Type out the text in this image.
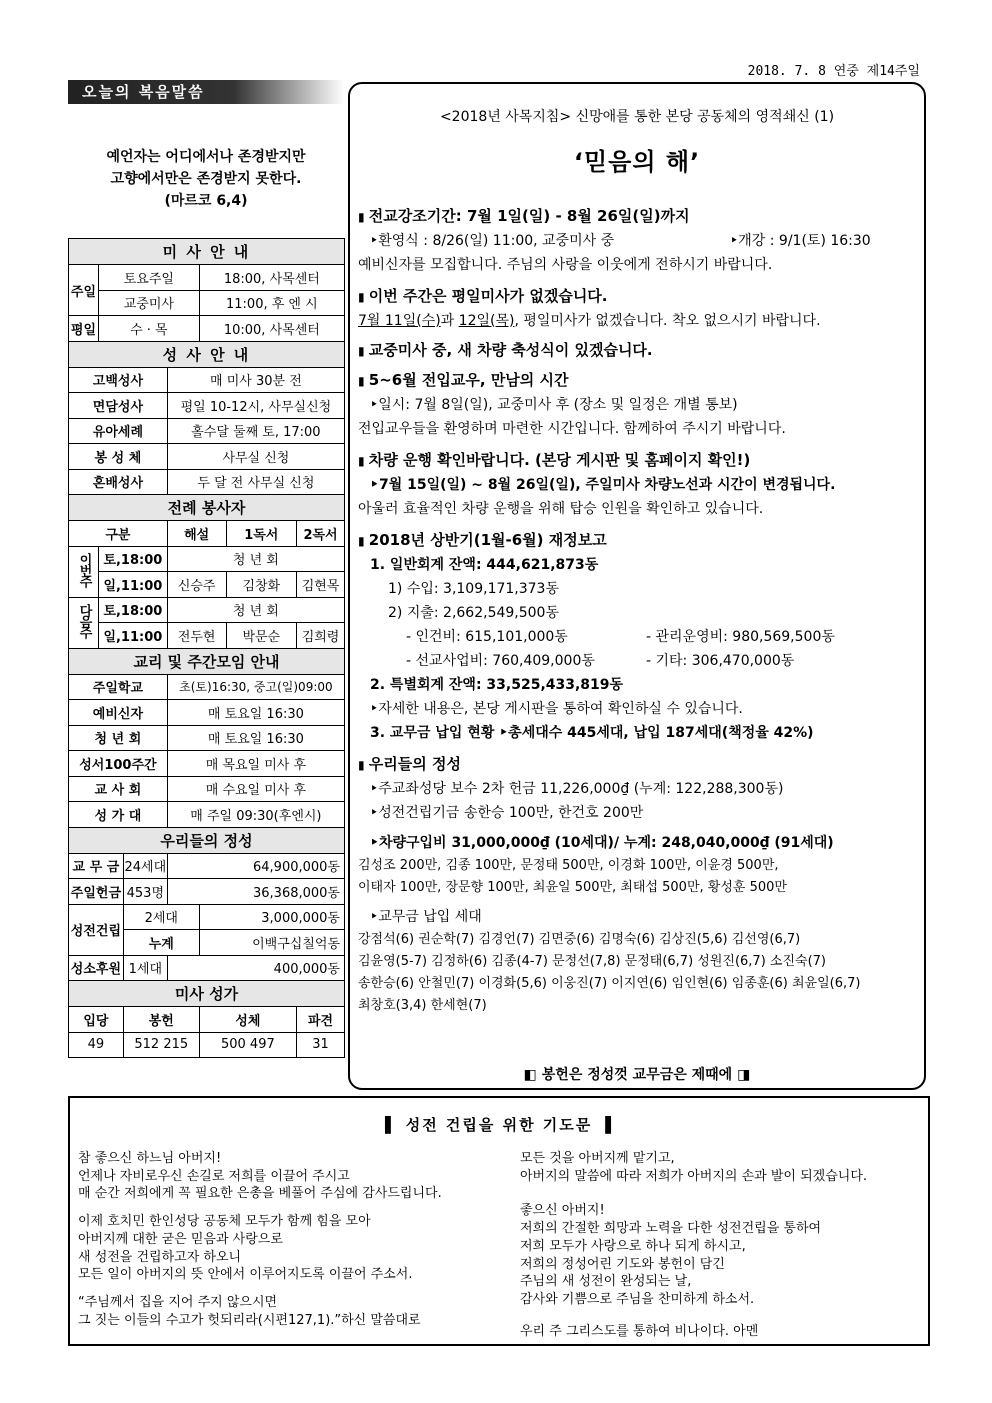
2018. 7. 8 연중 제14주일
오늘의 복음말씀
예언자는 어디에서나 존경받지만
고향에서만은 존경받지 못한다.
(마르코 6,4)
미 사 안 내						
주일	토요주일			18:00, 사목센터		
	교중미사			11:00, 후 엔 시		
평일	수 · 목			10:00, 사목센터		
성 사 안 내						
고백성사			매 미사 30분 전			
면담성사			평일 10-12시, 사무실신청			
유아세례			홀수달 둘째 토, 17:00			
봉 성 체			사무실 신청			
혼배성사			두 달 전 사무실 신청			
전례 봉사자						
구분			해설		1독서	2독서
이번주	토,18:00		청 년 회			
	일,11:00		신승주		김창화	김현목
다음주	토,18:00		청 년 회			
	일,11:00		전두현		박문순	김희령
교리 및 주간모임 안내						
주일학교			초(토)16:30, 중고(일)09:00			
예비신자			매 토요일 16:30			
청 년 회			매 토요일 16:30			
성서100주간			매 목요일 미사 후			
교 사 회			매 수요일 미사 후			
성 가 대			매 주일 09:30(후엔시)			
우리들의 정성						
교 무 금		24세대	64,900,000동			
주일헌금		453명	36,368,000동			
성전건립		2세대		3,000,000동		
		누계		이백구십칠억동		
성소후원		1세대	400,000동			
미사 성가						
입당		봉헌		성체		파견
49		512 215		500 497		31
<2018년 사목지침> 신망애를 통한 본당 공동체의 영적쇄신 (1)
‘믿음의 해’
▮ 전교강조기간: 7월 1일(일) - 8월 26일(일)까지
‣환영식 : 8/26(일) 11:00, 교중미사 중	‣개강 : 9/1(토) 16:30
예비신자를 모집합니다. 주님의 사랑을 이웃에게 전하시기 바랍니다.
▮ 이번 주간은 평일미사가 없겠습니다.
7월 11일(수)과 12일(목), 평일미사가 없겠습니다. 착오 없으시기 바랍니다.
▮ 교중미사 중, 새 차량 축성식이 있겠습니다.
▮ 5~6월 전입교우, 만남의 시간
‣일시: 7월 8일(일), 교중미사 후 (장소 및 일정은 개별 통보)
전입교우들을 환영하며 마련한 시간입니다. 함께하여 주시기 바랍니다.
▮ 차량 운행 확인바랍니다. (본당 게시판 및 홈페이지 확인!)
‣7월 15일(일) ~ 8월 26일(일), 주일미사 차량노선과 시간이 변경됩니다.
아울러 효율적인 차량 운행을 위해 탑승 인원을 확인하고 있습니다.
▮ 2018년 상반기(1월-6월) 재정보고
1. 일반회계 잔액: 444,621,873동
1) 수입: 3,109,171,373동
2) 지출: 2,662,549,500동
- 인건비: 615,101,000동	- 관리운영비: 980,569,500동
- 선교사업비: 760,409,000동	- 기타: 306,470,000동
2. 특별회계 잔액: 33,525,433,819동
‣자세한 내용은, 본당 게시판을 통하여 확인하실 수 있습니다.
3. 교무금 납입 현황 ‣총세대수 445세대, 납입 187세대(책정율 42%)
▮ 우리들의 정성
‣주교좌성당 보수 2차 헌금 11,226,000₫ (누계: 122,288,300동)
‣성전건립기금 송한승 100만, 한건호 200만
‣차량구입비 31,000,000₫ (10세대)/ 누계: 248,040,000₫ (91세대)
김성조 200만, 김종 100만, 문정태 500만, 이경화 100만, 이윤경 500만,
이태자 100만, 장문향 100만, 최윤일 500만, 최태섭 500만, 황성훈 500만
‣교무금 납입 세대
강점석(6) 권순학(7) 김경언(7) 김면중(6) 김명숙(6) 김상진(5,6) 김선영(6,7)
김윤영(5-7) 김정하(6) 김종(4-7) 문정선(7,8) 문정태(6,7) 성원진(6,7) 소진숙(7)
송한승(6) 안철민(7) 이경화(5,6) 이웅진(7) 이지연(6) 임인현(6) 임종훈(6) 최윤일(6,7)
최창호(3,4) 한세현(7)
◧ 봉헌은 정성껏 교무금은 제때에 ◨
▌ 성전 건립을 위한 기도문 ▐
참 좋으신 하느님 아버지!
언제나 자비로우신 손길로 저희를 이끌어 주시고
매 순간 저희에게 꼭 필요한 은총을 베풀어 주심에 감사드립니다.
이제 호치민 한인성당 공동체 모두가 함께 힘을 모아
아버지께 대한 굳은 믿음과 사랑으로
새 성전을 건립하고자 하오니
모든 일이 아버지의 뜻 안에서 이루어지도록 이끌어 주소서.
“주님께서 집을 지어 주지 않으시면
그 짓는 이들의 수고가 헛되리라(시편127,1).”하신 말씀대로
모든 것을 아버지께 맡기고,
아버지의 말씀에 따라 저희가 아버지의 손과 발이 되겠습니다.
좋으신 아버지!
저희의 간절한 희망과 노력을 다한 성전건립을 통하여
저희 모두가 사랑으로 하나 되게 하시고,
저희의 정성어린 기도와 봉헌이 담긴
주님의 새 성전이 완성되는 날,
감사와 기쁨으로 주님을 찬미하게 하소서.
우리 주 그리스도를 통하여 비나이다. 아멘
